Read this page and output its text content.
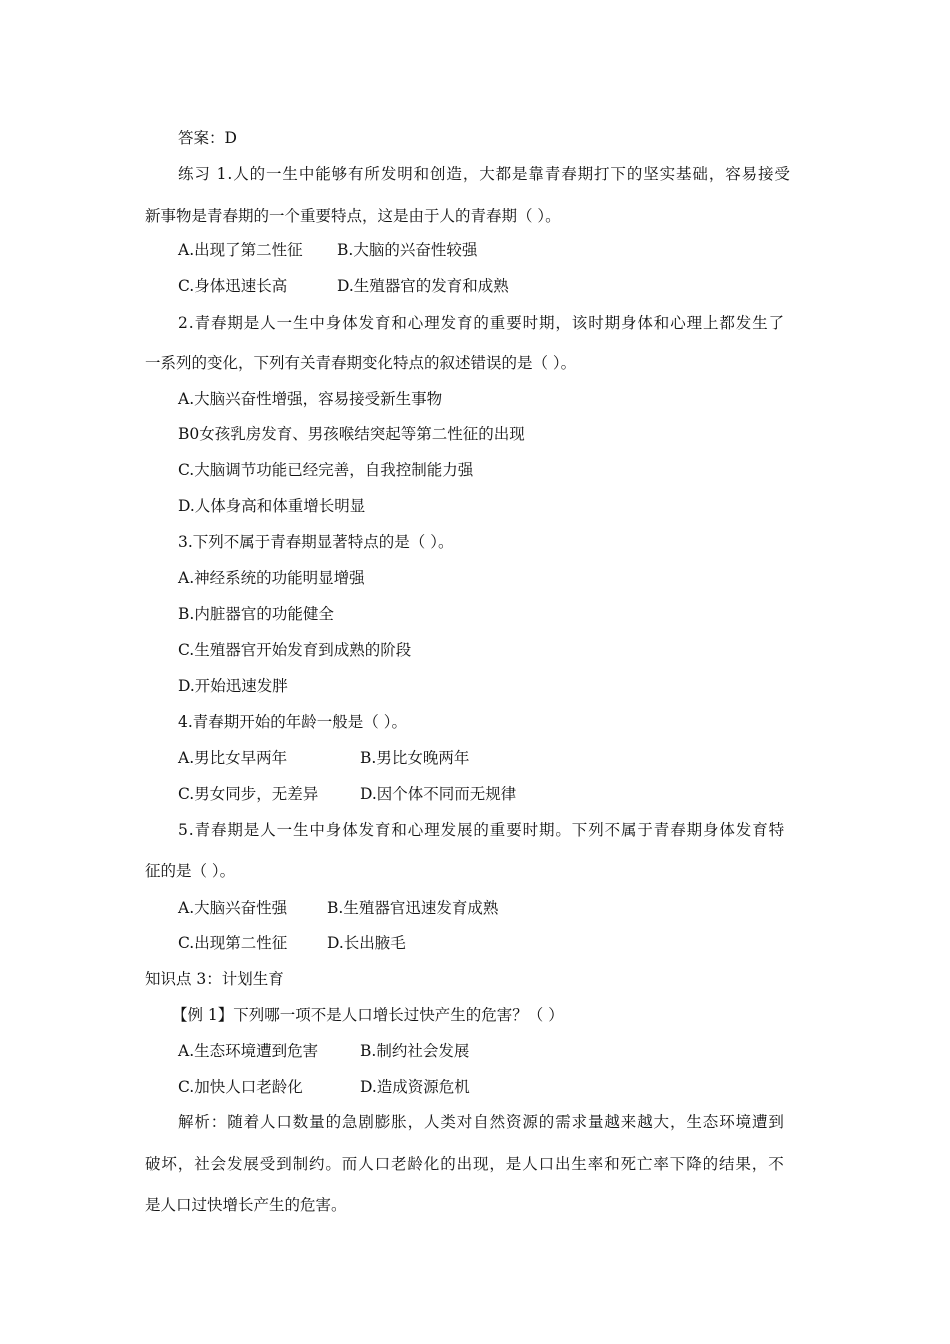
答案：D
练习 1.人的一生中能够有所发明和创造，大都是靠青春期打下的坚实基础，容易接受
新事物是青春期的一个重要特点，这是由于人的青春期（ ）。
A.出现了第二性征 B.大脑的兴奋性较强
C.身体迅速长高	D.生殖器官的发育和成熟
2.青春期是人一生中身体发育和心理发育的重要时期，该时期身体和心理上都发生了
一系列的变化，下列有关青春期变化特点的叙述错误的是（ ）。
A.大脑兴奋性增强，容易接受新生事物
B0女孩乳房发育、男孩喉结突起等第二性征的出现
C.大脑调节功能已经完善，自我控制能力强
D.人体身高和体重增长明显
3.下列不属于青春期显著特点的是（ ）。
A.神经系统的功能明显增强
B.内脏器官的功能健全
C.生殖器官开始发育到成熟的阶段
D.开始迅速发胖
4.青春期开始的年龄一般是（ ）。
A.男比女早两年	B.男比女晚两年
C.男女同步，无差异	D.因个体不同而无规律
5.青春期是人一生中身体发育和心理发展的重要时期。下列不属于青春期身体发育特
征的是（ ）。
A.大脑兴奋性强	B.生殖器官迅速发育成熟
C.出现第二性征	D.长出腋毛
知识点 3：计划生育
【例 1】下列哪一项不是人口增长过快产生的危害？（ ）
A.生态环境遭到危害	B.制约社会发展
C.加快人口老龄化	D.造成资源危机
解析：随着人口数量的急剧膨胀，人类对自然资源的需求量越来越大，生态环境遭到
破坏，社会发展受到制约。而人口老龄化的出现，是人口出生率和死亡率下降的结果，不
是人口过快增长产生的危害。
